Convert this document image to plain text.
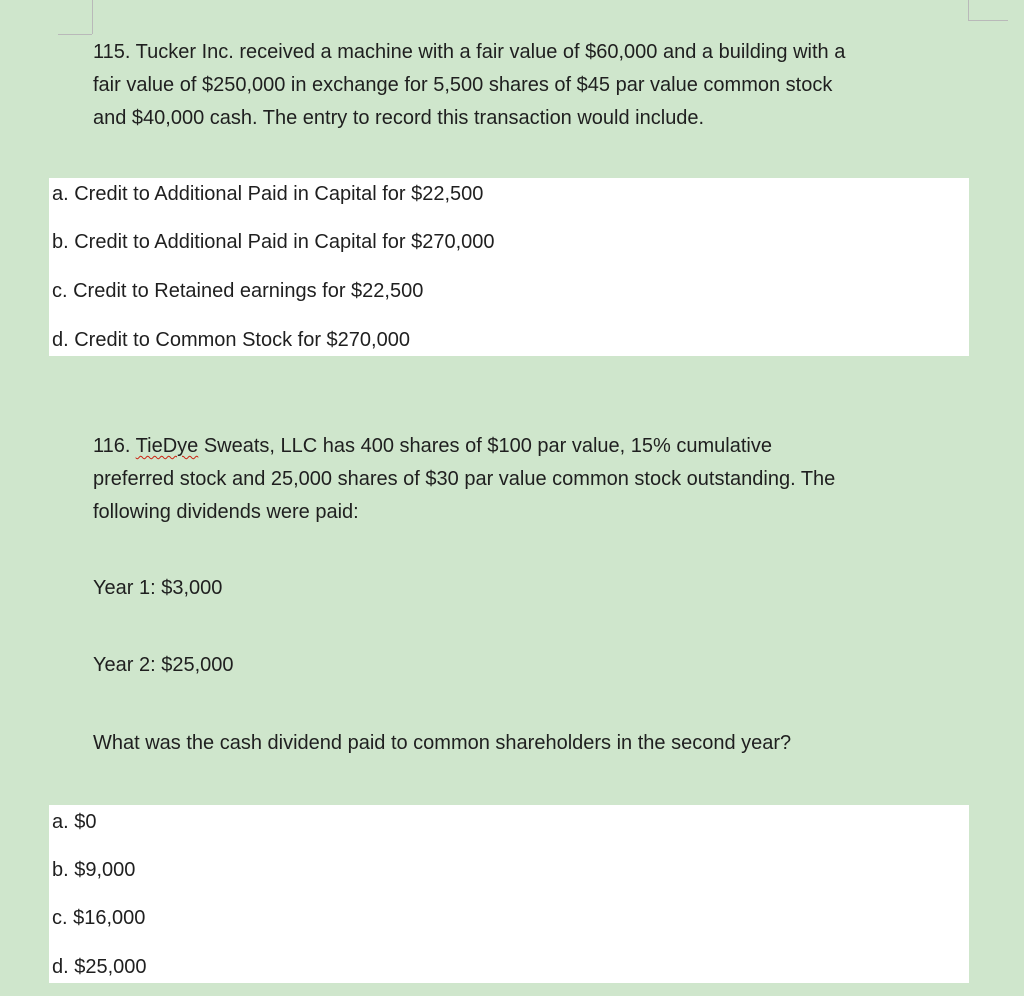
115. Tucker Inc. received a machine with a fair value of $60,000 and a building with a
fair value of $250,000 in exchange for 5,500 shares of $45 par value common stock
and $40,000 cash. The entry to record this transaction would include.
a. Credit to Additional Paid in Capital for $22,500
b. Credit to Additional Paid in Capital for $270,000
c. Credit to Retained earnings for $22,500
d. Credit to Common Stock for $270,000
116. TieDye Sweats, LLC has 400 shares of $100 par value, 15% cumulative
preferred stock and 25,000 shares of $30 par value common stock outstanding. The
following dividends were paid:
Year 1: $3,000
Year 2: $25,000
What was the cash dividend paid to common shareholders in the second year?
a. $0
b. $9,000
c. $16,000
d. $25,000
